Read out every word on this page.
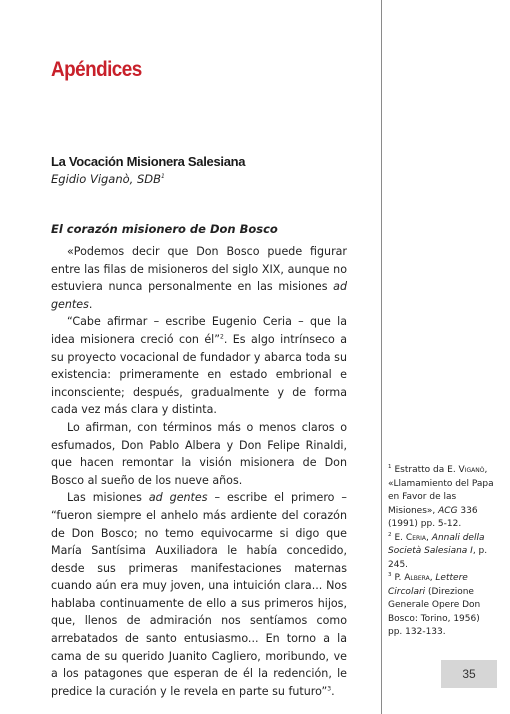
Apéndices
La Vocación Misionera Salesiana
Egidio Viganò, SDB$^1$
El corazón misionero de Don Bosco

«Podemos decir que Don Bosco puede figurar entre las filas de misioneros del siglo XIX, aunque no estuviera nunca personalmente en las misiones ad gentes.

“Cabe afirmar – escribe Eugenio Ceria – que la idea misionera creció con él”$^2$. Es algo intrínseco a su proyecto vocacional de fundador y abarca toda su existencia: primeramente en estado embrional e inconsciente; después, gradualmente y de forma cada vez más clara y distinta.

Lo afirman, con términos más o menos claros o esfumados, Don Pablo Albera y Don Felipe Rinaldi, que hacen remontar la visión misionera de Don Bosco al sueño de los nueve años.

Las misiones ad gentes – escribe el primero – “fueron siempre el anhelo más ardiente del corazón de Don Bosco; no temo equivocarme si digo que María Santísima Auxiliadora le había concedido, desde sus primeras manifestaciones maternas cuando aún era muy joven, una intuición clara... Nos hablaba continuamente de ello a sus primeros hijos, que, llenos de admiración nos sentíamos como arrebatados de santo entusiasmo... En torno a la cama de su querido Juanito Cagliero, moribundo, ve a los patagones que esperan de él la redención, le predice la curación y le revela en parte su futuro”$^3$.

$^1$ Estratto da E. Viganò, «Llamamiento del Papa en Favor de las Misiones», ACG 336 (1991) pp. 5-12.

$^2$ E. Ceria, Annali della Società Salesiana I, p. 245.

$^3$ P. Albera, Lettere Circolari (Direzione Generale Opere Don Bosco: Torino, 1956) pp. 132-133.

35
